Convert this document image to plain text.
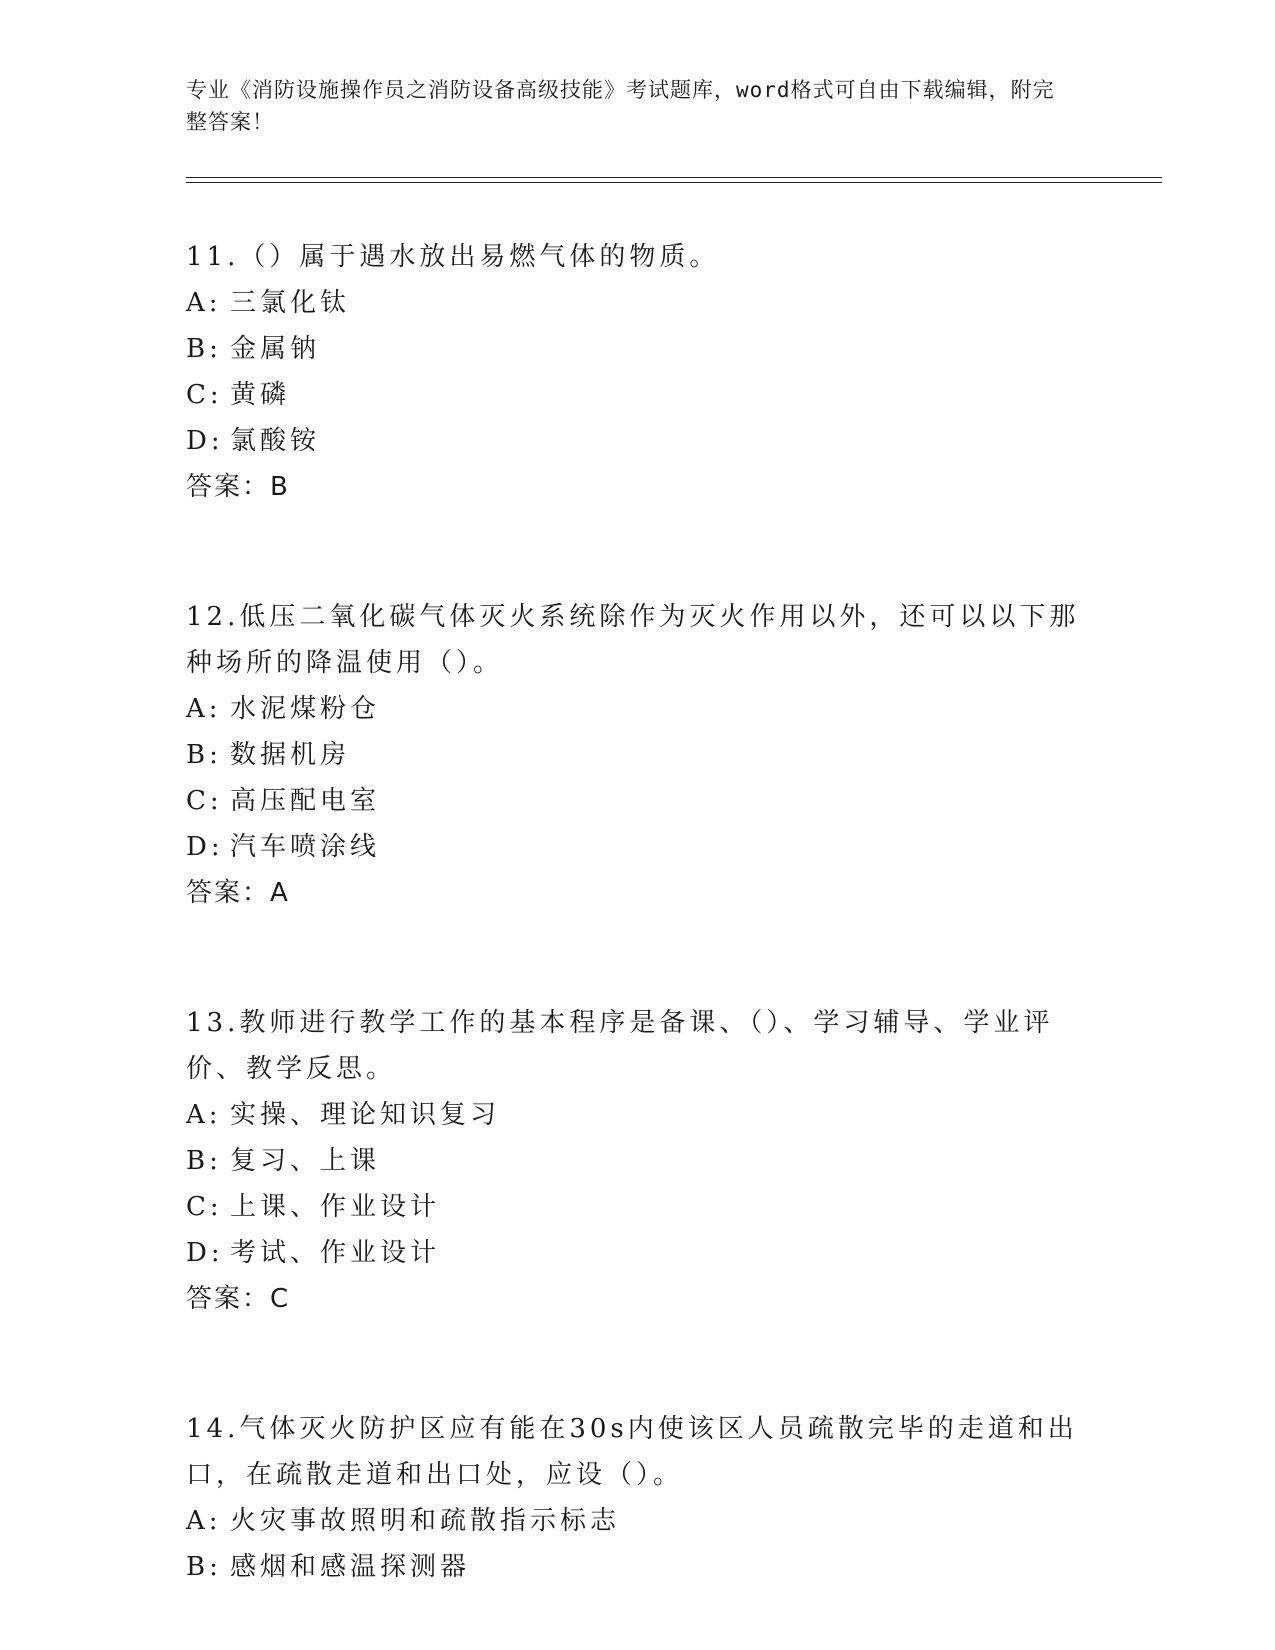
专业《消防设施操作员之消防设备高级技能》考试题库，word格式可自由下载编辑，附完整答案！

11.（）属于遇水放出易燃气体的物质。

A: 三氯化钛

B: 金属钠

C: 黄磷

D: 氯酸铵

答案：B

12.低压二氧化碳气体灭火系统除作为灭火作用以外，还可以以下那种场所的降温使用（）。

A: 水泥煤粉仓

B: 数据机房

C: 高压配电室

D: 汽车喷涂线

答案：A

13.教师进行教学工作的基本程序是备课、（）、学习辅导、学业评价、教学反思。

A: 实操、理论知识复习

B: 复习、上课

C: 上课、作业设计

D: 考试、作业设计

答案：C

14.气体灭火防护区应有能在30s内使该区人员疏散完毕的走道和出口，在疏散走道和出口处，应设（）。

A: 火灾事故照明和疏散指示标志

B: 感烟和感温探测器
